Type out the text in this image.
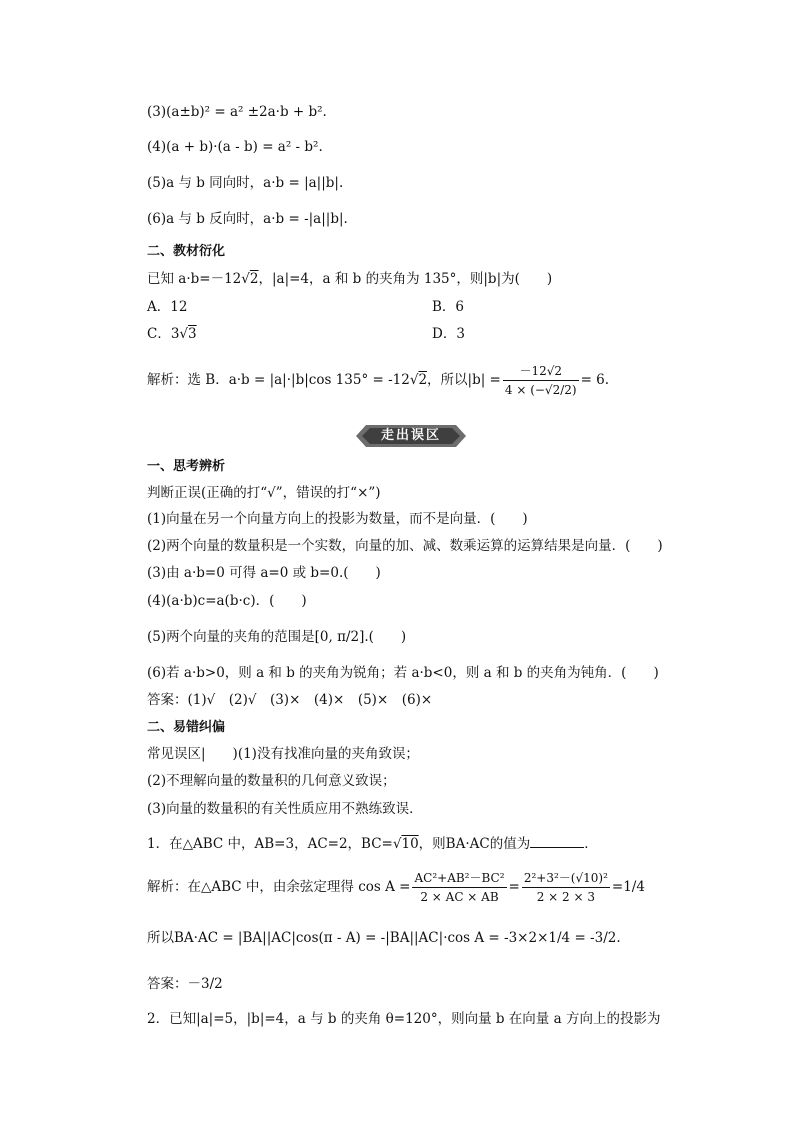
(3)(a±b)² = a² ±2a·b + b².
(4)(a + b)·(a - b) = a² - b².
(5)a 与 b 同向时，a·b = |a||b|.
(6)a 与 b 反向时，a·b = -|a||b|.
二、教材衍化
已知 a·b=－12√2，|a|=4，a 和 b 的夹角为 135°，则|b|为(　　)
A．12	B．6
C．3√3	D．3
解析：选 B．a·b = |a|·|b|cos 135° = -12 √ 2 ，所以$|b| = \frac{-12√2}{4 \times (-√2/2)} = 6$.
走出误区
一、思考辨析
判断正误(正确的打“√”，错误的打“×”)
(1)向量在另一个向量方向上的投影为数量，而不是向量．(　　)
(2)两个向量的数量积是一个实数，向量的加、减、数乘运算的运算结果是向量．(　　)
(3)由 a·b=0 可得 a=0 或 b=0.(　　)
(4)(a·b)c=a(b·c)．(　　)
(5)两个向量的夹角的范围是[0, π/2].(　　)
(6)若 a·b>0，则 a 和 b 的夹角为锐角；若 a·b<0，则 a 和 b 的夹角为钝角．(　　)
答案：(1)√　(2)√　(3)×　(4)×　(5)×　(6)×
二、易错纠偏
常见误区|　　)(1)没有找准向量的夹角致误；
(2)不理解向量的数量积的几何意义致误；
(3)向量的数量积的有关性质应用不熟练致误．
1．在△ABC 中，AB=3，AC=2，BC=√10，则BA·AC的值为	．
解析：在△ABC 中，由余弦定理得 $\cos A = \frac{\text{AC²+AB²－BC²}}{2 \times AC \times AB} = \frac{\text{2²+3²－(√10)²}}{2 \times 2 \times 3} = 1/4$
所以BA·AC = |BA||AC|cos(π - A) = -|BA||AC|·cos A = -3×2× 1/4
= -3/2.
答案： －3/2
2．已知|a|=5，|b|=4，a 与 b 的夹角 θ=120°，则向量 b 在向量 a 方向上的投影为
